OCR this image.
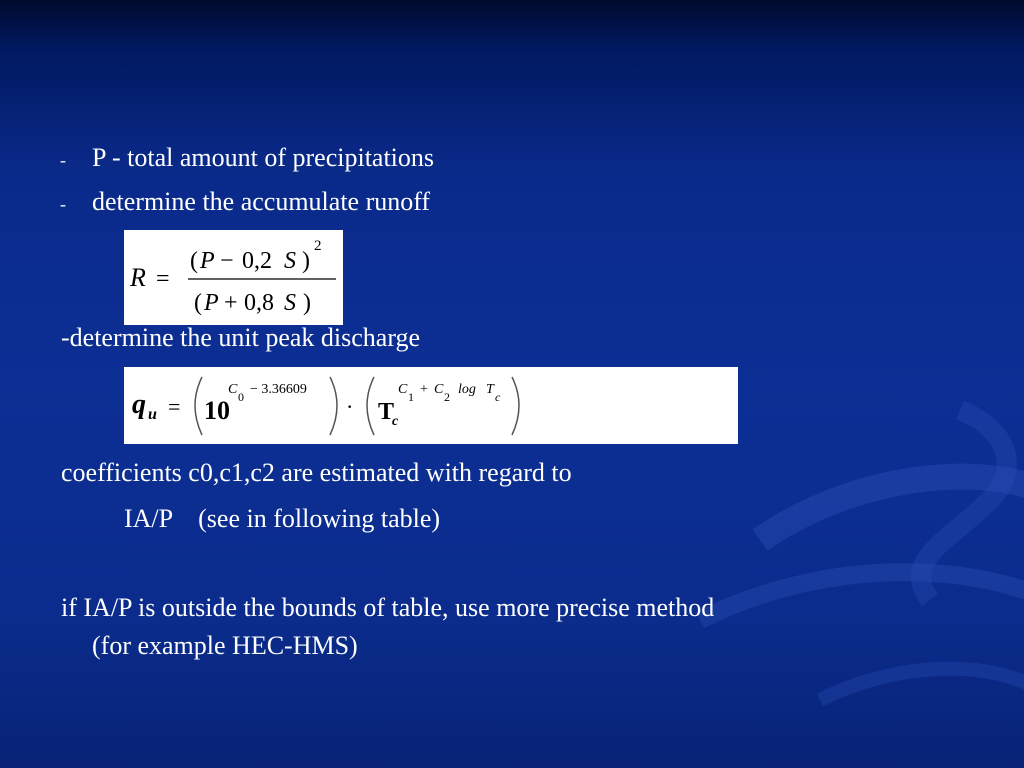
- P - total amount of precipitations
- determine the accumulate runoff
R =
( P − 0,2 S )
2
( P + 0,8 S )
-determine the unit peak discharge
q u = 10
C 0 − 3.36609
· T
c
C 1 + C 2 log T c
coefficients c0,c1,c2 are estimated with regard to
IA/P    (see in following table)
if IA/P is outside the bounds of table, use more precise method
(for example HEC-HMS)
